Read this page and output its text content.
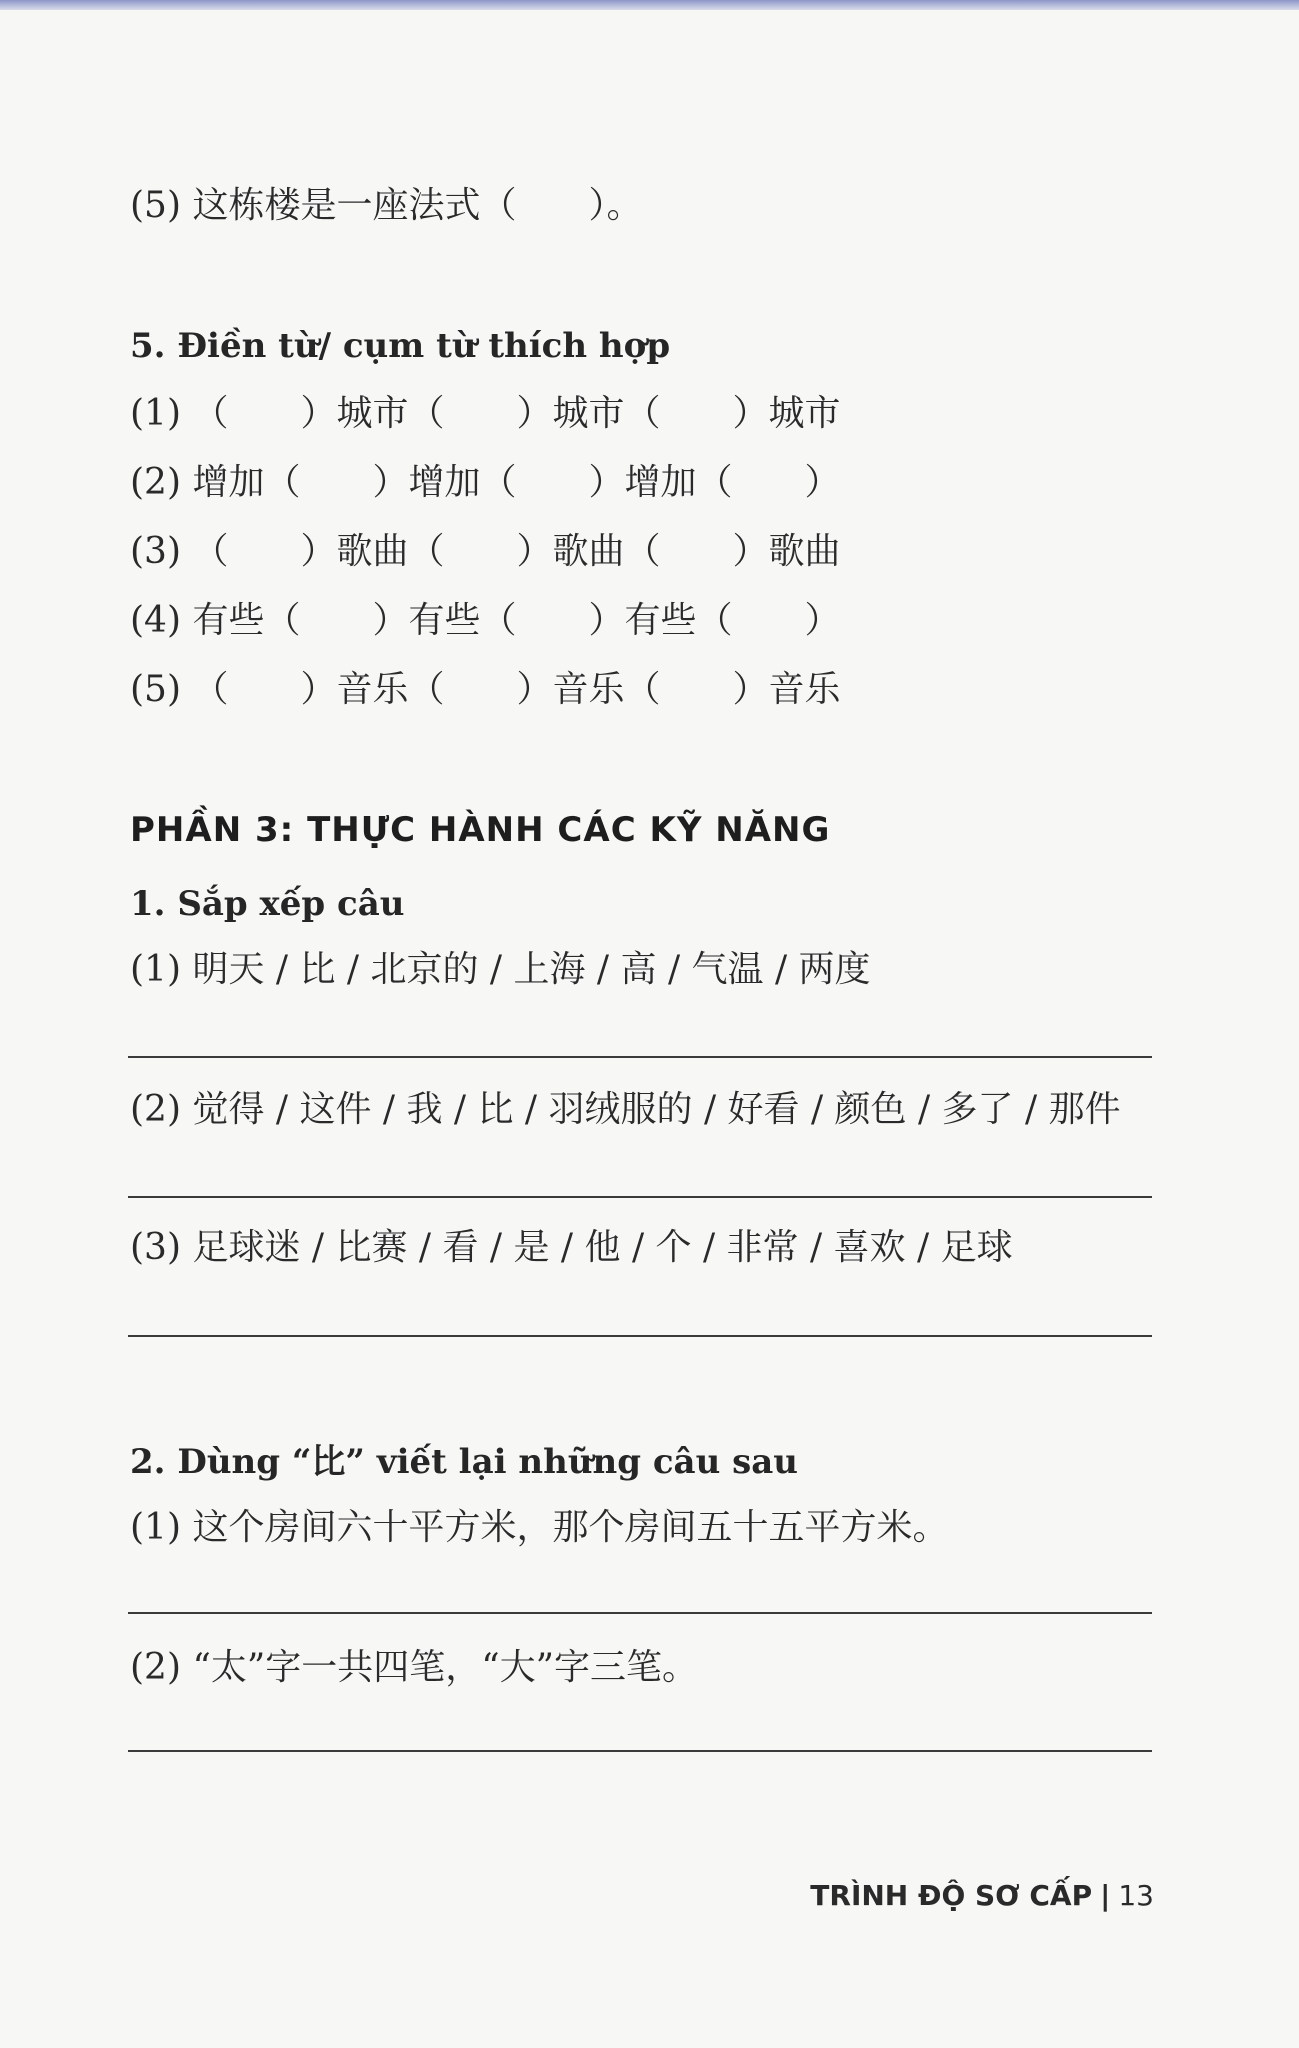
(5) 这栋楼是一座法式（　　）。
5. Điền từ/ cụm từ thích hợp
(1) （　　）城市（　　）城市（　　）城市
(2) 增加（　　）增加（　　）增加（　　）
(3) （　　）歌曲（　　）歌曲（　　）歌曲
(4) 有些（　　）有些（　　）有些（　　）
(5) （　　）音乐（　　）音乐（　　）音乐
PHẦN 3: THỰC HÀNH CÁC KỸ NĂNG
1. Sắp xếp câu
(1) 明天 / 比 / 北京的 / 上海 / 高 / 气温 / 两度
(2) 觉得 / 这件 / 我 / 比 / 羽绒服的 / 好看 / 颜色 / 多了 / 那件
(3) 足球迷 / 比赛 / 看 / 是 / 他 / 个 / 非常 / 喜欢 / 足球
2. Dùng “比” viết lại những câu sau
(1) 这个房间六十平方米，那个房间五十五平方米。
(2) “太”字一共四笔，“大”字三笔。
TRÌNH ĐỘ SƠ CẤP | 13
